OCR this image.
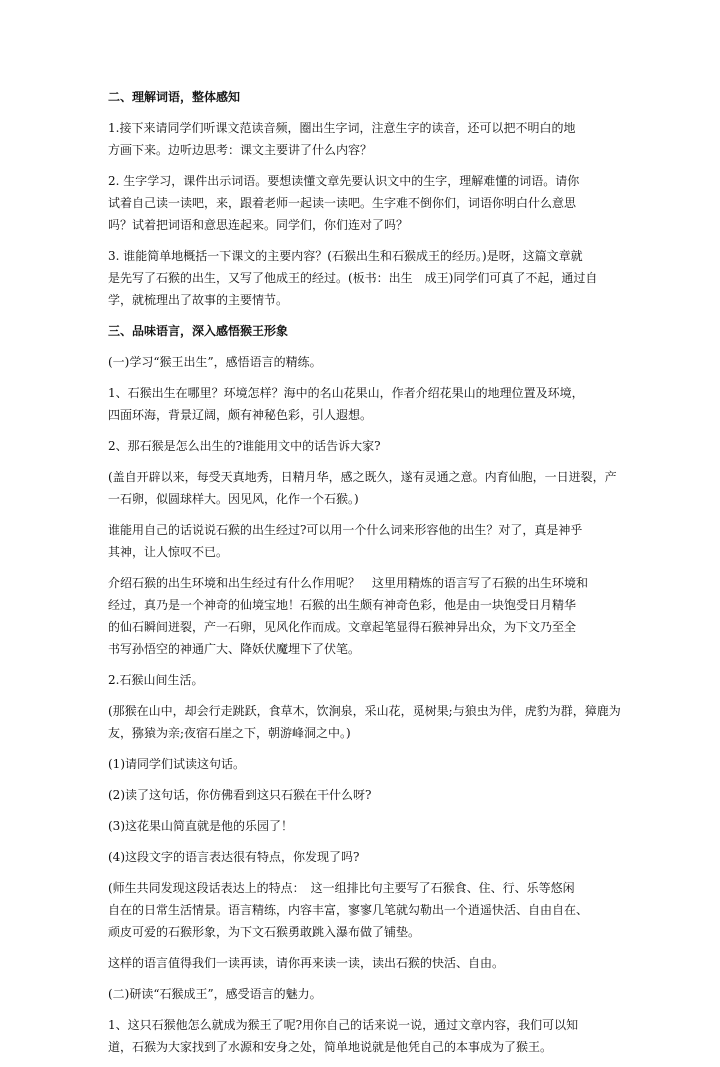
二、理解词语，整体感知
1.接下来请同学们听课文范读音频，圈出生字词，注意生字的读音，还可以把不明白的地
方画下来。边听边思考：课文主要讲了什么内容？
2. 生字学习，课件出示词语。要想读懂文章先要认识文中的生字，理解难懂的词语。请你
试着自己读一读吧，来，跟着老师一起读一读吧。生字难不倒你们，词语你明白什么意思
吗？试着把词语和意思连起来。同学们，你们连对了吗？
3. 谁能简单地概括一下课文的主要内容？(石猴出生和石猴成王的经历。)是呀，这篇文章就
是先写了石猴的出生，又写了他成王的经过。(板书：出生　成王)同学们可真了不起，通过自
学，就梳理出了故事的主要情节。
三、品味语言，深入感悟猴王形象
(一)学习“猴王出生”，感悟语言的精练。
1、石猴出生在哪里？环境怎样？海中的名山花果山，作者介绍花果山的地理位置及环境，
四面环海，背景辽阔，颇有神秘色彩，引人遐想。
2、那石猴是怎么出生的?谁能用文中的话告诉大家?
(盖自开辟以来，每受天真地秀，日精月华，感之既久，遂有灵通之意。内育仙胞，一日迸裂，产
一石卵，似圆球样大。因见风，化作一个石猴。)
谁能用自己的话说说石猴的出生经过?可以用一个什么词来形容他的出生？对了，真是神乎
其神，让人惊叹不已。
介绍石猴的出生环境和出生经过有什么作用呢？　这里用精炼的语言写了石猴的出生环境和
经过，真乃是一个神奇的仙境宝地！石猴的出生颇有神奇色彩，他是由一块饱受日月精华
的仙石瞬间迸裂，产一石卵，见风化作而成。文章起笔显得石猴神异出众，为下文乃至全
书写孙悟空的神通广大、降妖伏魔埋下了伏笔。
2.石猴山间生活。
(那猴在山中，却会行走跳跃，食草木，饮涧泉，采山花，觅树果;与狼虫为伴，虎豹为群，獐鹿为
友，猕猿为亲;夜宿石崖之下，朝游峰洞之中。)
(1)请同学们试读这句话。
(2)读了这句话，你仿佛看到这只石猴在干什么呀?
(3)这花果山简直就是他的乐园了！
(4)这段文字的语言表达很有特点，你发现了吗?
(师生共同发现这段话表达上的特点：　这一组排比句主要写了石猴食、住、行、乐等悠闲
自在的日常生活情景。语言精练，内容丰富，寥寥几笔就勾勒出一个逍遥快活、自由自在、
顽皮可爱的石猴形象，为下文石猴勇敢跳入瀑布做了铺垫。
这样的语言值得我们一读再读，请你再来读一读，读出石猴的快活、自由。
(二)研读“石猴成王”，感受语言的魅力。
1、这只石猴他怎么就成为猴王了呢?用你自己的话来说一说，通过文章内容，我们可以知
道，石猴为大家找到了水源和安身之处，简单地说就是他凭自己的本事成为了猴王。
